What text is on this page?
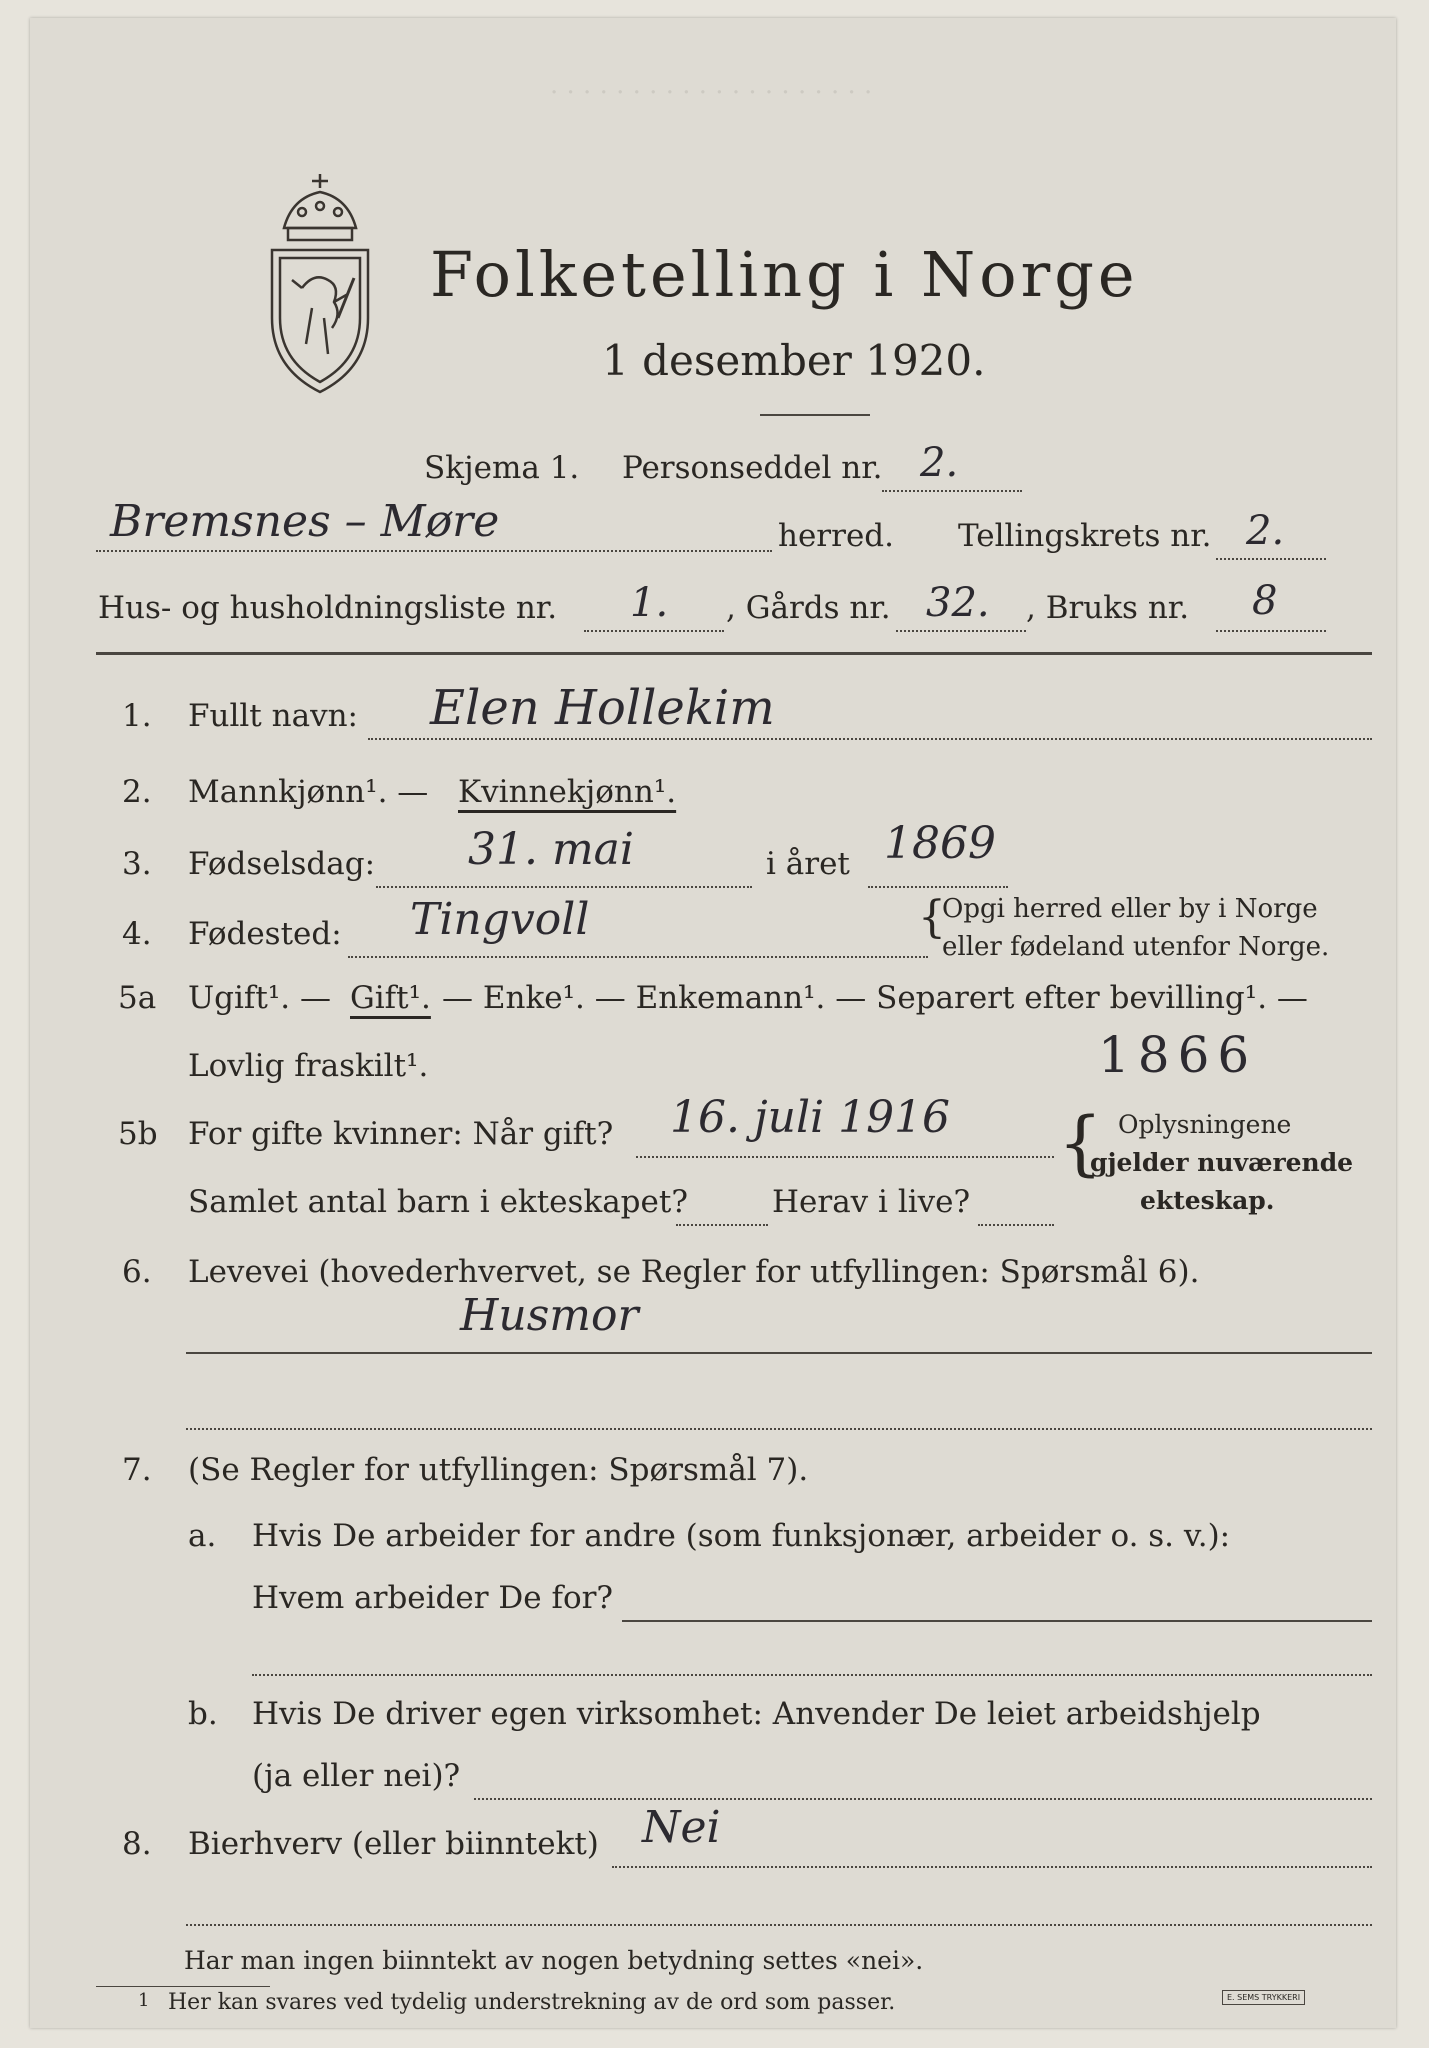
· · · · · · · · · · · · · · · · · · · ·
Folketelling i Norge
1 desember 1920.
Skjema 1. Personseddel nr. 2.
Bremsnes – Møre	herred. Tellingskrets nr. 2.
Hus- og husholdningsliste nr. 1. , Gårds nr. 32. , Bruks nr. 8
1. Fullt navn: Elen Hollekim
2. Mannkjønn¹. — Kvinnekjønn¹.
3. Fødselsdag: 31. mai	i året 1869
4. Fødested: Tingvoll	{
Opgi herred eller by i Norge
eller fødeland utenfor Norge.
5a Ugift¹. — Gift¹. — Enke¹. — Enkemann¹. — Separert efter bevilling¹. —
Lovlig fraskilt¹.	1866
5b For gifte kvinner: Når gift? 16. juli 1916
Samlet antal barn i ekteskapet?	Herav i live?
{ Oplysningene
gjelder nuværende
ekteskap.
6. Levevei (hovederhvervet, se Regler for utfyllingen: Spørsmål 6).
Husmor
7. (Se Regler for utfyllingen: Spørsmål 7).
a. Hvis De arbeider for andre (som funksjonær, arbeider o. s. v.):
Hvem arbeider De for?
b. Hvis De driver egen virksomhet: Anvender De leiet arbeidshjelp
(ja eller nei)?
8. Bierhverv (eller biinntekt) Nei
Har man ingen biinntekt av nogen betydning settes «nei».
1 Her kan svares ved tydelig understrekning av de ord som passer.	E. SEMS TRYKKERI
